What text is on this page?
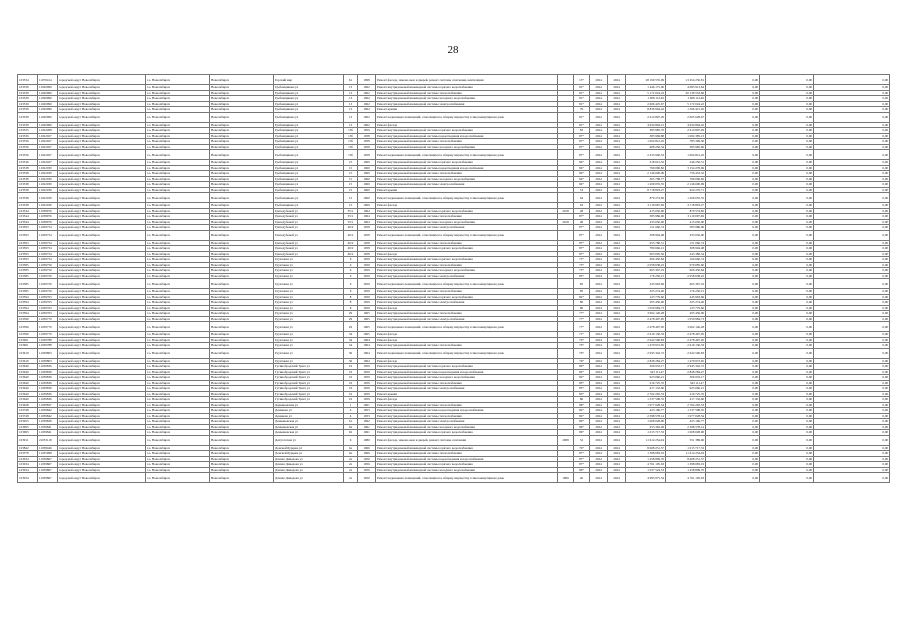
28
103534	11070414	городской округ Новосибирск	г.о. Новосибирск	Новосибирск	Горский мкр	61	1998	Ремонт фасада, замена окон и дверей, ремонт системы отопления, вентиляции		15*	2024	2024	28 199 555,09	13 454 256,81	0,00	0,00	0,00
103539	11020990	городской округ Новосибирск	г.о. Новосибирск	Новосибирск	Гребенщикова ул	13	1962	Ремонт внутридомовой инженерной системы горячего водоснабжения		81*	2024	2024	1 446 175,06	4 083 913,64	0,00	0,00	0,00
103539	11020990	городской округ Новосибирск	г.о. Новосибирск	Новосибирск	Гребенщикова ул	13	1962	Ремонт внутридомовой инженерной системы теплоснабжения		81*	2024	2024	5 172 024,22	20 139 553,69	0,00	0,00	0,00
103539	11020990	городской округ Новосибирск	г.о. Новосибирск	Новосибирск	Гребенщикова ул	13	1962	Ремонт внутридомовой инженерной системы холодного водоснабжения		81*	2024	2024	1 608 112,62	1 608 112,46	0,00	0,00	0,00
103539	11020990	городской округ Новосибирск	г.о. Новосибирск	Новосибирск	Гребенщикова ул	13	1962	Ремонт внутридомовой инженерной системы электроснабжения		81*	2024	2024	2 606 425,67	5 172 024,22	0,00	0,00	0,00
103539	11020990	городской округ Новосибирск	г.о. Новосибирск	Новосибирск	Гребенщикова ул	13	1962	Ремонт крыши		79	2024	2024	8 839 964,42	1 396 415,02	0,00	0,00	0,00
103539	11020990	городской округ Новосибирск	г.о. Новосибирск	Новосибирск	Гребенщикова ул	13	1962	Ремонт подвальных помещений, относящихся к общему имуществу в многоквартирном доме		81*	2024	2024	2 614 807,29	2 605 628,67	0,00	0,00	0,00
103539	11020990	городской округ Новосибирск	г.о. Новосибирск	Новосибирск	Гребенщикова ул	13	1962	Ремонт фасада		81*	2024	2024	4 934 804,15	4 934 804,42	0,00	0,00	0,00
103535	11022008	городской округ Новосибирск	г.о. Новосибирск	Новосибирск	Гребенщикова ул	13б	1959	Ремонт внутридомовой инженерной системы горячего водоснабжения		83	2024	2024	383 985,70	2 614 807,29	0,00	0,00	0,00
103536	11022027	городской округ Новосибирск	г.о. Новосибирск	Новосибирск	Гребенщикова ул	13б	1958	Ремонт внутридомовой инженерной системы водоотведения и водоснабжения		87*	2024	2024	385 969,88	1 004 385,13	0,00	0,00	0,00
103536	11022027	городской округ Новосибирск	г.о. Новосибирск	Новосибирск	Гребенщикова ул	13б	1958	Ремонт внутридомовой инженерной системы теплоснабжения		87*	2024	2024	1 004 812,45	783 399,30	0,00	0,00	0,00
103536	11022027	городской округ Новосибирск	г.о. Новосибирск	Новосибирск	Гребенщикова ул	13б	1958	Ремонт внутридомовой инженерной системы холодного водоснабжения		87*	2024	2024	608 256,34	383 985,66	0,00	0,00	0,00
103536	11022027	городской округ Новосибирск	г.о. Новосибирск	Новосибирск	Гребенщикова ул	13б	1958	Ремонт подвальных помещений, относящихся к общему имуществу в многоквартирном доме		87*	2024	2024	2 435 940,53	1 004 812,45	0,00	0,00	0,00
103536	11022027	городской округ Новосибирск	г.о. Новосибирск	Новосибирск	Гребенщикова ул	15	1960	Ремонт внутридомовой инженерной системы горячего водоснабжения		84*	2024	2024	318 612,52	246 256,51	0,00	0,00	0,00
103538	11022030	городской округ Новосибирск	г.о. Новосибирск	Новосибирск	Гребенщикова ул	15	1960	Ремонт внутридомовой инженерной системы водоотведения и водоснабжения		84*	2024	2024	799 096,82	3 154 278,69	0,00	0,00	0,00
103538	11022030	городской округ Новосибирск	г.о. Новосибирск	Новосибирск	Гребенщикова ул	15	1960	Ремонт внутридомовой инженерной системы теплоснабжения		84*	2024	2024	2 146 600,09	756 433,32	0,00	0,00	0,00
103538	11022030	городской округ Новосибирск	г.о. Новосибирск	Новосибирск	Гребенщикова ул	15	1960	Ремонт внутридомовой инженерной системы холодного водоснабжения		84*	2024	2024	305 798,77	799 096,82	0,00	0,00	0,00
103538	11022030	городской округ Новосибирск	г.о. Новосибирск	Новосибирск	Гребенщикова ул	15	1960	Ремонт внутридомовой инженерной системы электроснабжения		84*	2024	2024	1 209 055,55	2 146 600,09	0,00	0,00	0,00
103538	11022030	городской округ Новосибирск	г.о. Новосибирск	Новосибирск	Гребенщикова ул	15	1960	Ремонт крыши		53	2024	2024	8 718 818,27	924 270,71	0,00	0,00	0,00
103538	11022030	городской округ Новосибирск	г.о. Новосибирск	Новосибирск	Гребенщикова ул	15	1960	Ремонт подвальных помещений, относящихся к общему имуществу в многоквартирном доме		64	2024	2024	879 274,82	1 209 055,55	0,00	0,00	0,00
103538	11022030	городской округ Новосибирск	г.о. Новосибирск	Новосибирск	Гребенщикова ул	15	1960	Ремонт фасада		63	2024	2024	3 119 097,69	4 718 818,27	0,00	0,00	0,00
103544	11038976	городской округ Новосибирск	г.о. Новосибирск	Новосибирск	Гризодубовой ул	35/1	1964	Ремонт внутридомовой инженерной системы горячего водоснабжения	2018	48	2024	2024	415 650,00	879 574,82	0,00	0,00	0,00
103544	11038976	городской округ Новосибирск	г.о. Новосибирск	Новосибирск	Гризодубовой ул	35/1	1964	Ремонт внутридомовой инженерной системы теплоснабжения		87*	2024	2024	583 986,06	3 119 097,69	0,00	0,00	0,00
103544	11038976	городской округ Новосибирск	г.о. Новосибирск	Новосибирск	Гризодубовой ул	35/1	1964	Ремонт внутридомовой инженерной системы холодного водоснабжения	2018	48	2024	2024	433 650,00	415 650,00	0,00	0,00	0,00
103593	11039754	городской округ Новосибирск	г.о. Новосибирск	Новосибирск	Гризодубовой ул	40/2	1958	Ремонт внутридомовой инженерной системы электроснабжения		87*	2024	2024	151 660,74	583 986,06	0,00	0,00	0,00
103593	11039754	городской округ Новосибирск	г.о. Новосибирск	Новосибирск	Гризодубовой ул	40/2	1958	Ремонт подвальных помещений, относящихся к общему имуществу в многоквартирном доме		87*	2024	2024	308 904,48	433 650,00	0,00	0,00	0,00
103593	11039754	городской округ Новосибирск	г.о. Новосибирск	Новосибирск	Гризодубовой ул	40/2	1958	Ремонт внутридомовой инженерной системы теплоснабжения		87*	2024	2024	655 780,51	151 660,74	0,00	0,00	0,00
103593	11039754	городской округ Новосибирск	г.о. Новосибирск	Новосибирск	Гризодубовой ул	40/2	1958	Ремонт внутридомовой инженерной системы горячего водоснабжения		87*	2024	2024	780 666,21	308 904,48	0,00	0,00	0,00
103593	11039754	городской округ Новосибирск	г.о. Новосибирск	Новосибирск	Гризодубовой ул	40/2	1958	Ремонт фасада		87*	2024	2024	903 005,56	245 386,54	0,00	0,00	0,00
103593	11039754	городской округ Новосибирск	г.о. Новосибирск	Новосибирск	Грунтовая ул	6	1959	Ремонт внутридомовой инженерной системы горячего водоснабжения		75*	2024	2024	606 450,84	166 660,74	0,00	0,00	0,00
103585	11039750	городской округ Новосибирск	г.о. Новосибирск	Новосибирск	Грунтовая ул	6	1959	Ремонт внутридомовой инженерной системы теплоснабжения		75*	2024	2024	2 058 638,22	979 085,60	0,00	0,00	0,00
103585	11039750	городской округ Новосибирск	г.о. Новосибирск	Новосибирск	Грунтовая ул	6	1959	Ремонт внутридомовой инженерной системы холодного водоснабжения		75*	2024	2024	605 367,19	606 450,84	0,00	0,00	0,00
103585	11039750	городской округ Новосибирск	г.о. Новосибирск	Новосибирск	Грунтовая ул	6	1959	Ремонт внутридомовой инженерной системы электроснабжения		85*	2024	2024	176 250,15	2 058 638,22	0,00	0,00	0,00
103585	11039750	городской округ Новосибирск	г.о. Новосибирск	Новосибирск	Грунтовая ул	6	1959	Ремонт подвальных помещений, относящихся к общему имуществу в многоквартирном доме		85	2024	2024	245 963,69	605 367,19	0,00	0,00	0,00
103585	11039750	городской округ Новосибирск	г.о. Новосибирск	Новосибирск	Грунтовая ул	6	1959	Ремонт внутридомовой инженерной системы теплоснабжения		85	2024	2024	325 274,40	176 250,15	0,00	0,00	0,00
103594	11039763	городской округ Новосибирск	г.о. Новосибирск	Новосибирск	Грунтовая ул	8	1959	Ремонт внутридомовой инженерной системы горячего водоснабжения		82*	2024	2024	123 779,66	245 963,69	0,00	0,00	0,00
103594	11039763	городской округ Новосибирск	г.о. Новосибирск	Новосибирск	Грунтовая ул	8	1959	Ремонт внутридомовой инженерной системы электроснабжения		80	2024	2024	205 456,00	325 274,40	0,00	0,00	0,00
103594	11039763	городской округ Новосибирск	г.о. Новосибирск	Новосибирск	Грунтовая ул	8	1959	Ремонт фасада		80	2024	2024	1 059 984,73	123 779,66	0,00	0,00	0,00
103594	11039763	городской округ Новосибирск	г.о. Новосибирск	Новосибирск	Грунтовая ул	29	1965	Ремонт внутридомовой инженерной системы теплоснабжения		77*	2024	2024	3 062 146,28	205 456,00	0,00	0,00	0,00
103599	11039770	городской округ Новосибирск	г.о. Новосибирск	Новосибирск	Грунтовая ул	29	1965	Ремонт внутридомовой инженерной системы электроснабжения		77*	2024	2024	2 478 497,95	1 059 984,73	0,00	0,00	0,00
103599	11039770	городской округ Новосибирск	г.о. Новосибирск	Новосибирск	Грунтовая ул	29	1965	Ремонт подвальных помещений, относящихся к общему имуществу в многоквартирном доме		77*	2024	2024	2 478 497,95	3 062 146,28	0,00	0,00	0,00
103599	11039770	городской округ Новосибирск	г.о. Новосибирск	Новосибирск	Грунтовая ул	34	1965	Ремонт фасада		71*	2024	2024	2 619 136,33	2 478 497,95	0,00	0,00	0,00
103601	11039788	городской округ Новосибирск	г.о. Новосибирск	Новосибирск	Грунтовая ул	34	1964	Ремонт фасада		76*	2024	2024	2 624 506,83	2 478 497,95	0,00	0,00	0,00
103601	11039788	городской округ Новосибирск	г.о. Новосибирск	Новосибирск	Грунтовая ул	34	1964	Ремонт внутридомовой инженерной системы теплоснабжения		76*	2024	2024	1 479 972,65	2 619 136,33	0,00	0,00	0,00
103619	11039803	городской округ Новосибирск	г.о. Новосибирск	Новосибирск	Грунтовая ул	36	1964	Ремонт подвальных помещений, относящихся к общему имуществу в многоквартирном доме		76*	2024	2024	2 945 342,72	2 624 506,83	0,00	0,00	0,00
103619	11039803	городской округ Новосибирск	г.о. Новосибирск	Новосибирск	Грунтовая ул	36	1964	Ремонт фасада		76*	2024	2024	2 828 284,27	1 479 972,65	0,00	0,00	0,00
103640	11039836	городской округ Новосибирск	г.о. Новосибирск	Новосибирск	Гусинобродский Тракт ул	19	1959	Ремонт внутридомовой инженерной системы горячего водоснабжения		80*	2024	2024	306 933,17	2 945 342,72	0,00	0,00	0,00
103640	11039836	городской округ Новосибирск	г.о. Новосибирск	Новосибирск	Гусинобродский Тракт ул	19	1959	Ремонт внутридомовой инженерной системы водоотведения и водоснабжения		82*	2024	2024	343 111,47	2 828 284,27	0,00	0,00	0,00
103640	11039836	городской округ Новосибирск	г.о. Новосибирск	Новосибирск	Гусинобродский Тракт ул	19	1959	Ремонт внутридомовой инженерной системы холодного водоснабжения		82*	2024	2024	923 066,21	306 933,17	0,00	0,00	0,00
103640	11039836	городской округ Новосибирск	г.о. Новосибирск	Новосибирск	Гусинобродский Тракт ул	19	1959	Ремонт внутридомовой инженерной системы теплоснабжения		85*	2024	2024	216 725,76	343 111,47	0,00	0,00	0,00
103640	11039836	городской округ Новосибирск	г.о. Новосибирск	Новосибирск	Гусинобродский Тракт ул	19	1959	Ремонт внутридомовой инженерной системы электроснабжения		85*	2024	2024	417 132,66	923 066,21	0,00	0,00	0,00
103640	11039836	городской округ Новосибирск	г.о. Новосибирск	Новосибирск	Гусинобродский Тракт ул	19	1959	Ремонт крыши		83*	2024	2024	2 762 265,53	216 725,76	0,00	0,00	0,00
103640	11039836	городской округ Новосибирск	г.о. Новосибирск	Новосибирск	Гусинобродский Тракт ул	19	1959	Ремонт фасада		86	2024	2024	1 537 508,35	417 132,66	0,00	0,00	0,00
103628	11039837	городской округ Новосибирск	г.о. Новосибирск	Новосибирск	Дарьиновская ул	1	1961	Ремонт внутридомовой инженерной системы теплоснабжения		86*	2024	2024	1 977 028,54	2 762 265,53	0,00	0,00	0,00
103748	11039842	городской округ Новосибирск	г.о. Новосибирск	Новосибирск	Демакова ул	4	1953	Ремонт внутридомовой инженерной системы водоотведения и водоснабжения		82*	2024	2024	423 196,77	1 537 508,35	0,00	0,00	0,00
103748	11039842	городской округ Новосибирск	г.о. Новосибирск	Новосибирск	Демакова ул	4	1953	Ремонт внутридомовой инженерной системы теплоснабжения		82*	2024	2024	2 398 578,14	1 977 028,54	0,00	0,00	0,00
103655	11039839	городской округ Новосибирск	г.о. Новосибирск	Новосибирск	Демьяновская ул	61	1962	Ремонт внутридомовой инженерной системы электроснабжения		80*	2024	2024	1 068 028,00	423 196,77	0,00	0,00	0,00
103695	11039841	городской округ Новосибирск	г.о. Новосибирск	Новосибирск	Демьяновская ул	62	1961	Ремонт внутридомовой инженерной системы холодного водоснабжения		86*	2024	2024	253 392,49	2 398 578,14	0,00	0,00	0,00
103695	11039841	городской округ Новосибирск	г.о. Новосибирск	Новосибирск	Демьяновская ул	62	1961	Ремонт внутридомовой инженерной системы горячего водоснабжения		86*	2024	2024	1 015 717,53	1 068 028,00	0,00	0,00	0,00
103911	21053118	городской округ Новосибирск	г.о. Новосибирск	Новосибирск	Депутатская ул	6	1980	Ремонт фасада, замена окон и дверей, ремонт системы отопления	2008	52	2024	2024	11 614 254,04	551 389,96	0,00	0,00	0,00
103842	11038446	городской округ Новосибирск	г.о. Новосибирск	Новосибирск	Донской Бурцева ул	6а	1966	Ремонт внутридомовой инженерной системы горячего водоснабжения		76*	2024	2024	8 668 251,57	1 015 717,53	0,00	0,00	0,00
103578	11035998	городской округ Новосибирск	г.о. Новосибирск	Новосибирск	Донской Бурцева ул	6а	1966	Ремонт внутридомовой инженерной системы теплоснабжения		87*	2024	2024	1 398 683,19	11 614 254,04	0,00	0,00	0,00
103034	11039867	городской округ Новосибирск	г.о. Новосибирск	Новосибирск	Дачная Давыдова ул	2а	1956	Ремонт внутридомовой инженерной системы водоотведения и водоснабжения		87*	2024	2024	1 458 809,70	8 668 251,57	0,00	0,00	0,00
103034	11039867	городской округ Новосибирск	г.о. Новосибирск	Новосибирск	Дачная Давыдова ул	2а	1956	Ремонт внутридомовой инженерной системы горячего водоснабжения		87*	2024	2024	4 761 105,63	1 398 683,19	0,00	0,00	0,00
103034	11039867	городской округ Новосибирск	г.о. Новосибирск	Новосибирск	Дачная Давыдова ул	2а	1956	Ремонт внутридомовой инженерной системы холодного водоснабжения		80*	2024	2024	1 037 524,53	1 458 809,70	0,00	0,00	0,00
103034	11039867	городской округ Новосибирск	г.о. Новосибирск	Новосибирск	Дачная Давыдова ул	2а	1956	Ремонт подвальных помещений, относящихся к общему имуществу в многоквартирном доме	1999	40	2024	2024	4 983 975,54	4 761 105,63	0,00	0,00	0,00
